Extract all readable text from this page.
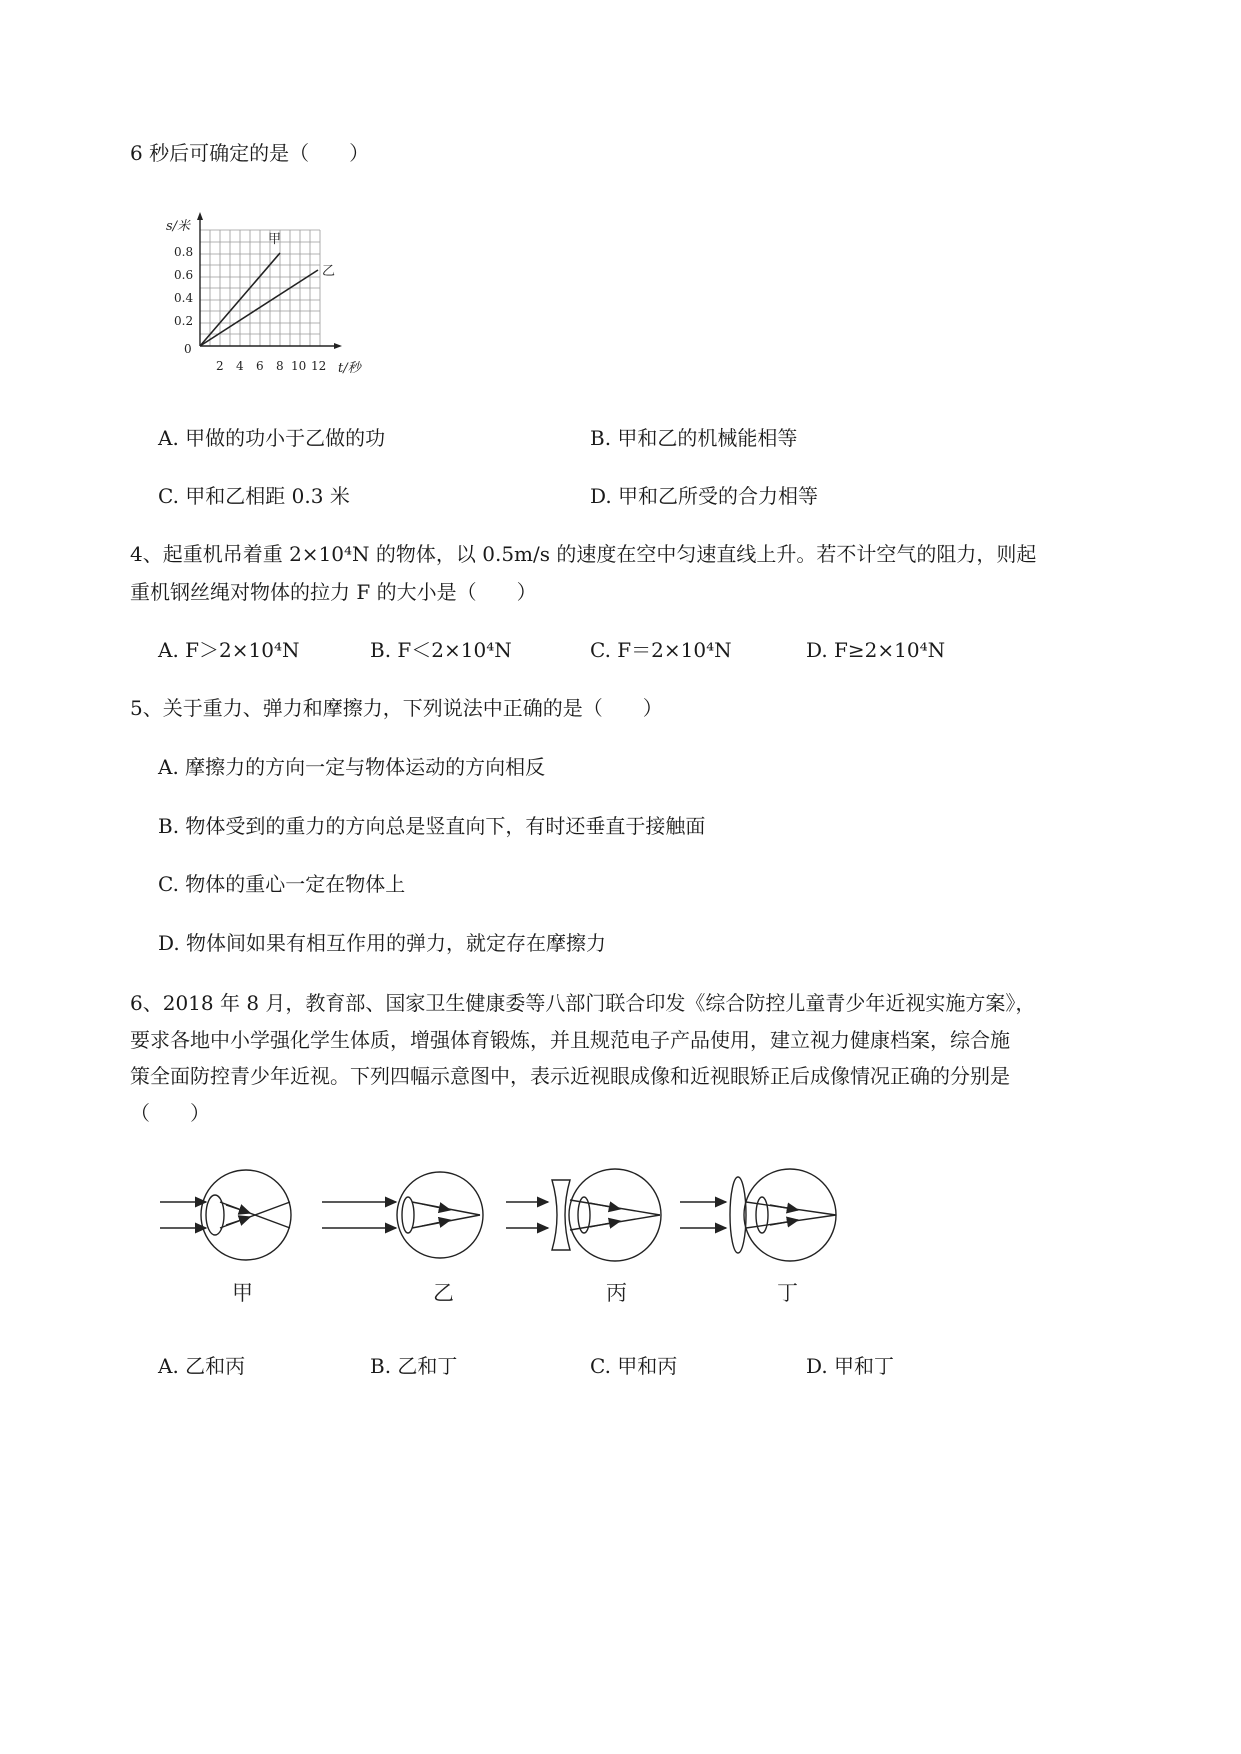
6 秒后可确定的是（　　）
s/米
0.8
0.6
0.4
0.2
0
2 4 6 8 10 12 t/秒
甲
乙
A. 甲做的功小于乙做的功	B. 甲和乙的机械能相等
C. 甲和乙相距 0.3 米	D. 甲和乙所受的合力相等
4、起重机吊着重 2×10⁴N 的物体，以 0.5m/s 的速度在空中匀速直线上升。若不计空气的阻力，则起
重机钢丝绳对物体的拉力 F 的大小是（　　）
A. F＞2×10⁴N	B. F＜2×10⁴N	C. F＝2×10⁴N	D. F≥2×10⁴N
5、关于重力、弹力和摩擦力，下列说法中正确的是（　　）
A. 摩擦力的方向一定与物体运动的方向相反
B. 物体受到的重力的方向总是竖直向下，有时还垂直于接触面
C. 物体的重心一定在物体上
D. 物体间如果有相互作用的弹力，就定存在摩擦力
6、2018 年 8 月，教育部、国家卫生健康委等八部门联合印发《综合防控儿童青少年近视实施方案》，
要求各地中小学强化学生体质，增强体育锻炼，并且规范电子产品使用，建立视力健康档案，综合施
策全面防控青少年近视。下列四幅示意图中，表示近视眼成像和近视眼矫正后成像情况正确的分别是
（　　）
甲	乙	丙	丁
A. 乙和丙	B. 乙和丁	C. 甲和丙	D. 甲和丁
